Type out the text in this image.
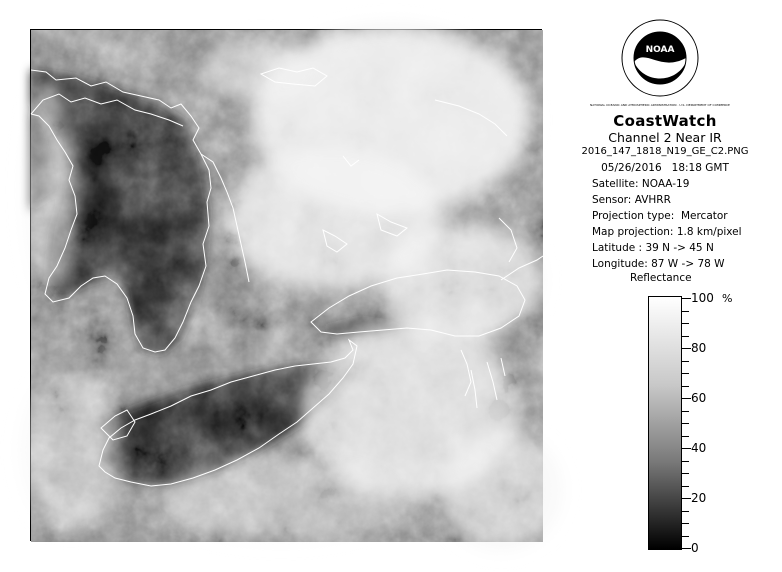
NOAA
NATIONAL OCEANIC AND ATMOSPHERIC ADMINISTRATION · U.S. DEPARTMENT OF COMMERCE
CoastWatch
Channel 2 Near IR
2016_147_1818_N19_GE_C2.PNG
05/26/2016 18:18 GMT
Satellite: NOAA-19
Sensor: AVHRR
Projection type: Mercator
Map projection: 1.8 km/pixel
Latitude : 39 N -> 45 N
Longitude: 87 W -> 78 W
Reflectance
%
100
80
60
40
20
0
